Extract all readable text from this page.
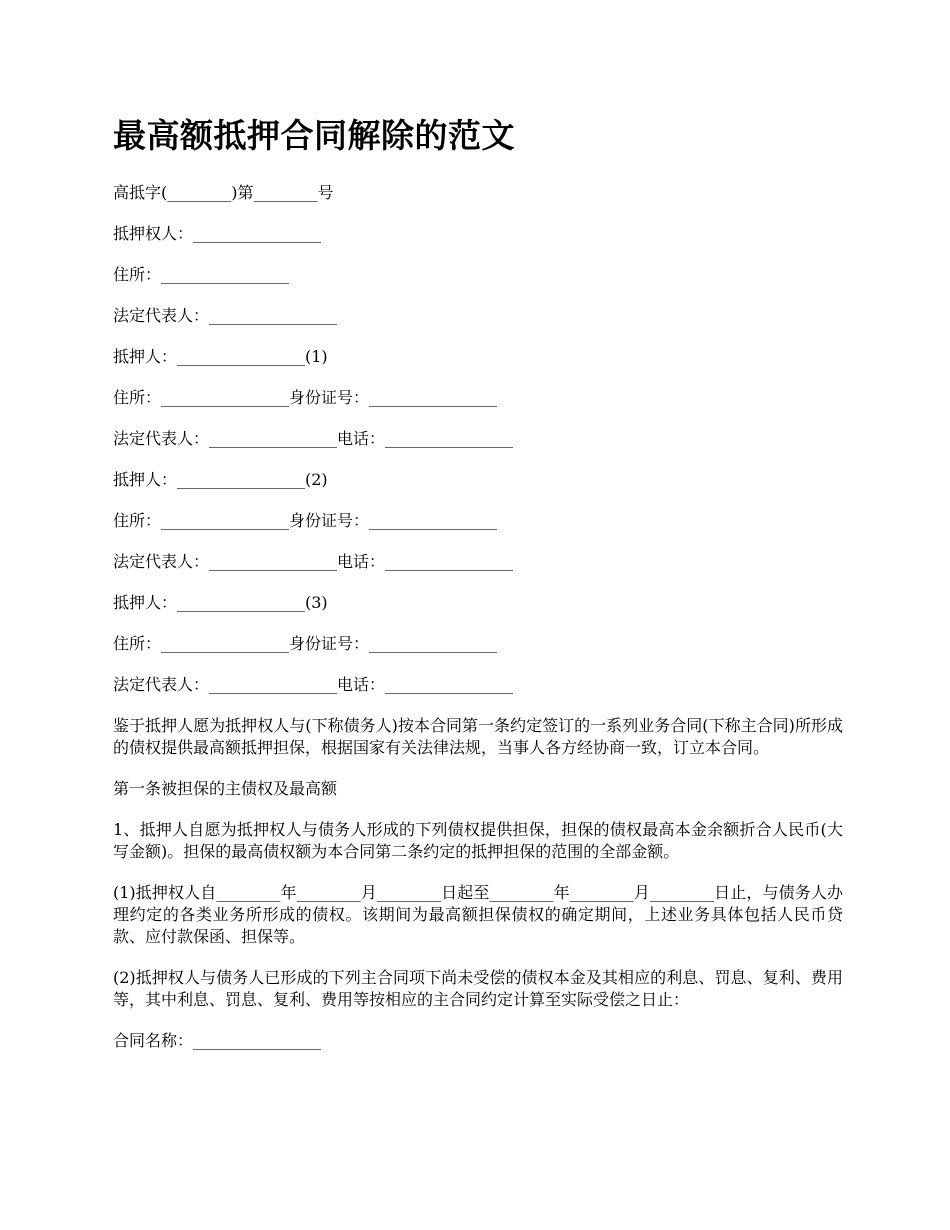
最高额抵押合同解除的范文
高抵字(________)第________号
抵押权人：________________
住所：________________
法定代表人：________________
抵押人：________________(1)
住所：________________身份证号：________________
法定代表人：________________电话：________________
抵押人：________________(2)
住所：________________身份证号：________________
法定代表人：________________电话：________________
抵押人：________________(3)
住所：________________身份证号：________________
法定代表人：________________电话：________________

鉴于抵押人愿为抵押权人与(下称债务人)按本合同第一条约定签订的一系列业务合同(下称主合同)所形成的债权提供最高额抵押担保，根据国家有关法律法规，当事人各方经协商一致，订立本合同。

第一条被担保的主债权及最高额

1、抵押人自愿为抵押权人与债务人形成的下列债权提供担保，担保的债权最高本金余额折合人民币(大写金额)。担保的最高债权额为本合同第二条约定的抵押担保的范围的全部金额。

(1)抵押权人自________年________月________日起至________年________月________日止，与债务人办理约定的各类业务所形成的债权。该期间为最高额担保债权的确定期间，上述业务具体包括人民币贷款、应付款保函、担保等。

(2)抵押权人与债务人已形成的下列主合同项下尚未受偿的债权本金及其相应的利息、罚息、复利、费用等，其中利息、罚息、复利、费用等按相应的主合同约定计算至实际受偿之日止：

合同名称：________________
